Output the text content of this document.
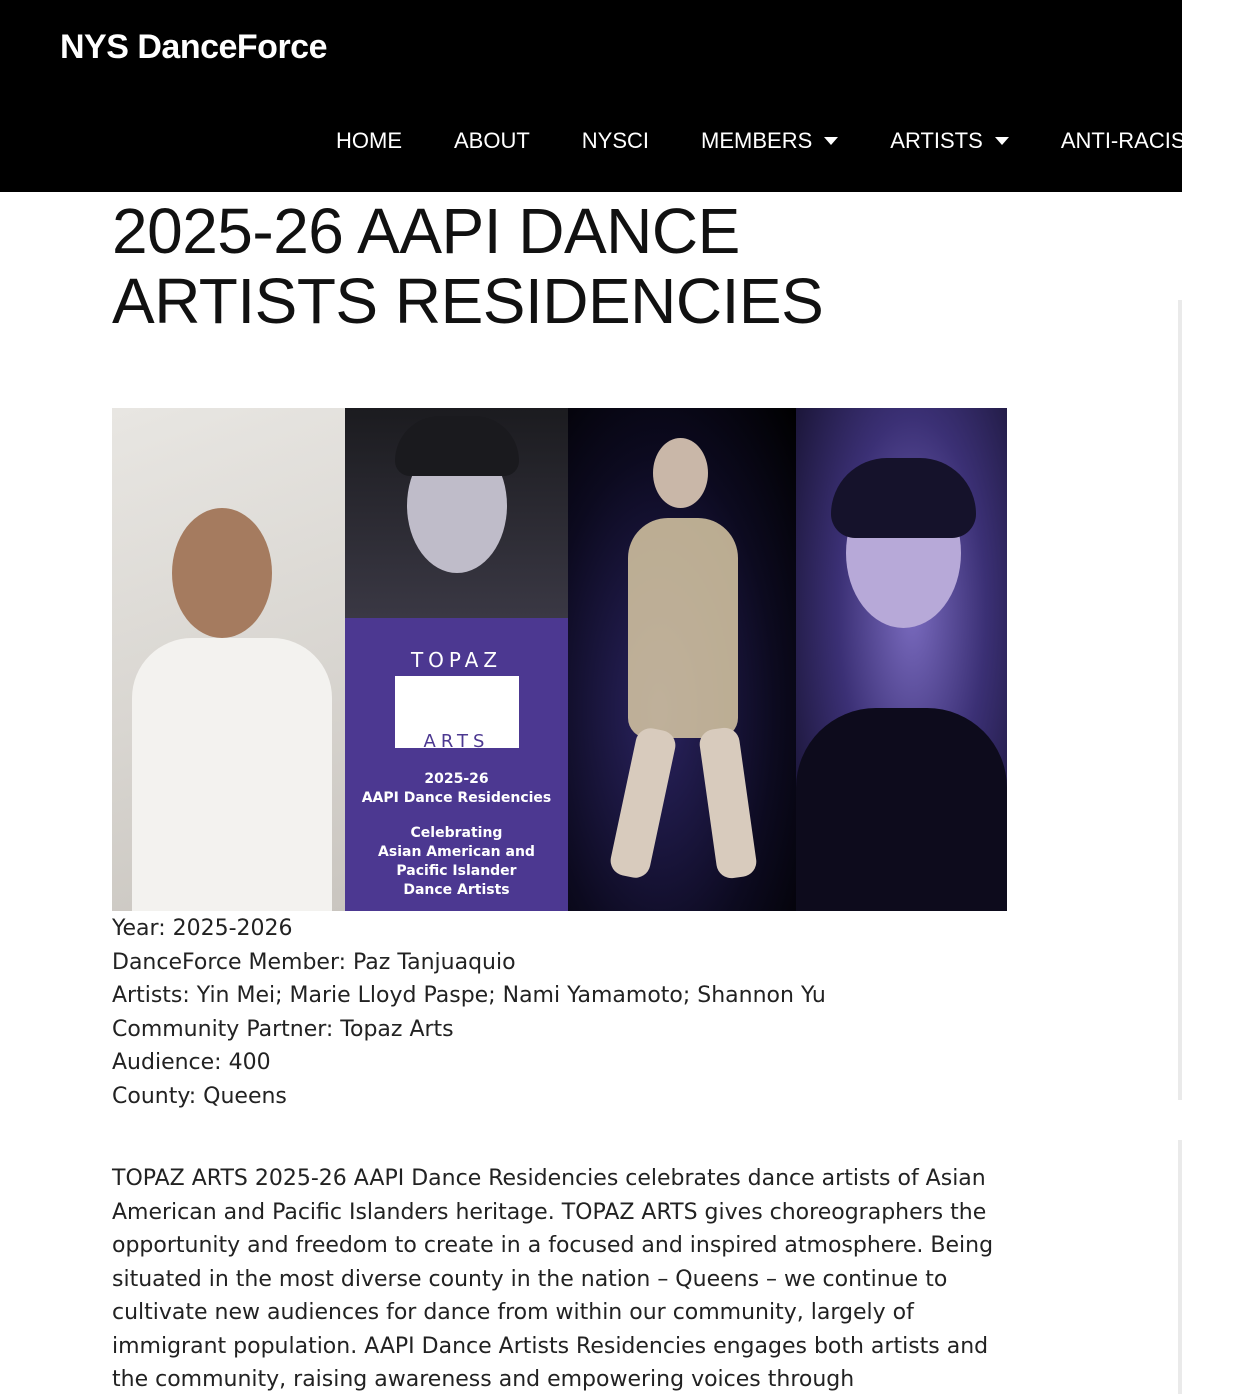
NYS DanceForce
HOME ABOUT NYSCI MEMBERS	ARTISTS	ANTI-RACISM
2025-26 AAPI DANCE
ARTISTS RESIDENCIES
TOPAZ
ARTS
2025-26
AAPI Dance Residencies
Celebrating
Asian American and
Pacific Islander
Dance Artists
Year: 2025-2026
DanceForce Member: Paz Tanjuaquio
Artists: Yin Mei; Marie Lloyd Paspe; Nami Yamamoto; Shannon Yu
Community Partner: Topaz Arts
Audience: 400
County: Queens

TOPAZ ARTS 2025-26 AAPI Dance Residencies celebrates dance artists of Asian American and Pacific Islanders heritage. TOPAZ ARTS gives choreographers the opportunity and freedom to create in a focused and inspired atmosphere. Being situated in the most diverse county in the nation – Queens – we continue to cultivate new audiences for dance from within our community, largely of immigrant population. AAPI Dance Artists Residencies engages both artists and the community, raising awareness and empowering voices through
